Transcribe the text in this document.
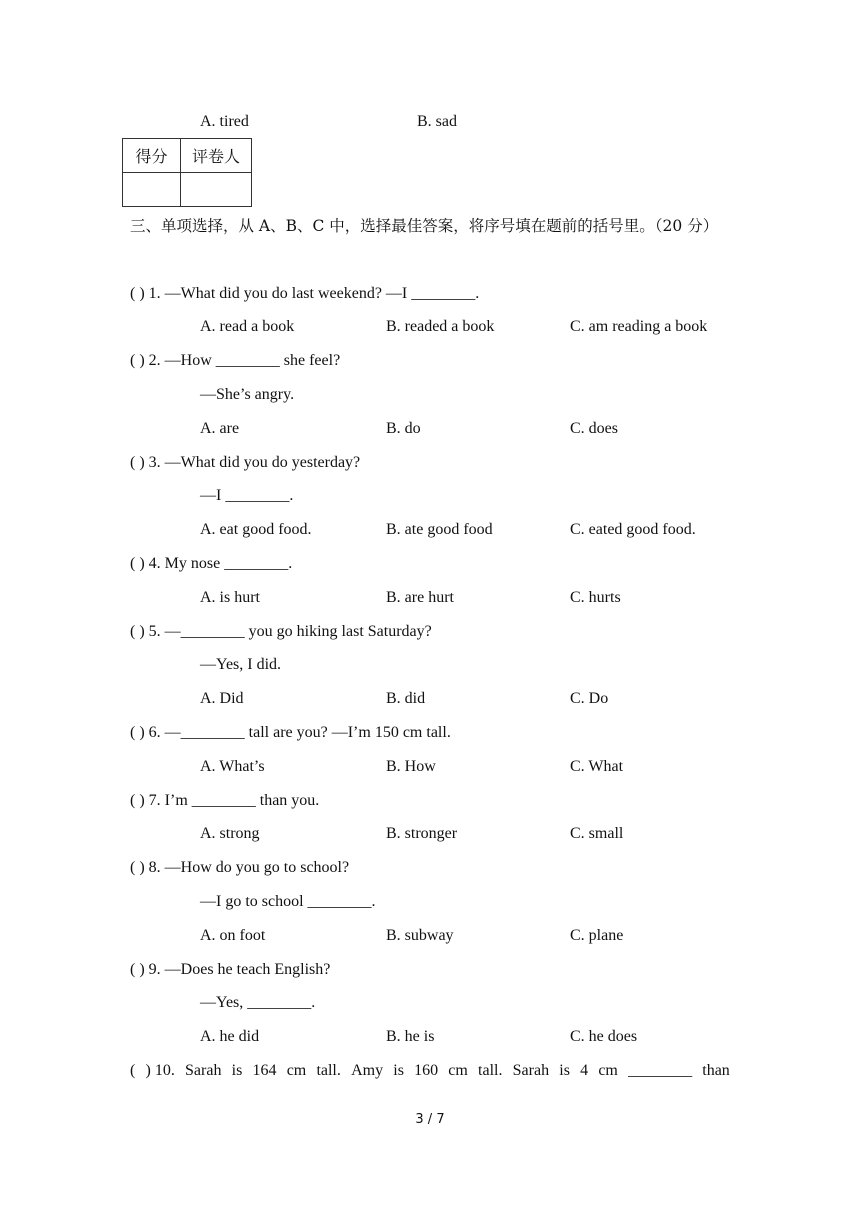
A. tired	B. sad
得分	评卷人

三、单项选择，从 A、B、C 中，选择最佳答案，将序号填在题前的括号里。（20 分）
( ) 1. —What did you do last weekend? —I ________.
A. read a book	B. readed a book	C. am reading a book
( ) 2. —How ________ she feel?
—She’s angry.
A. are	B. do	C. does
( ) 3. —What did you do yesterday?
—I ________.
A. eat good food.	B. ate good food	C. eated good food.
( ) 4. My nose ________.
A. is hurt	B. are hurt	C. hurts
( ) 5. —________ you go hiking last Saturday?
—Yes, I did.
A. Did	B. did	C. Do
( ) 6. —________ tall are you? —I’m 150 cm tall.
A. What’s	B. How	C. What
( ) 7. I’m ________ than you.
A. strong	B. stronger	C. small
( ) 8. —How do you go to school?
—I go to school ________.
A. on foot	B. subway	C. plane
( ) 9. —Does he teach English?
—Yes, ________.
A. he did	B. he is	C. he does
( ) 10. Sarah is 164 cm tall. Amy is 160 cm tall. Sarah is 4 cm ________ than
3 / 7
